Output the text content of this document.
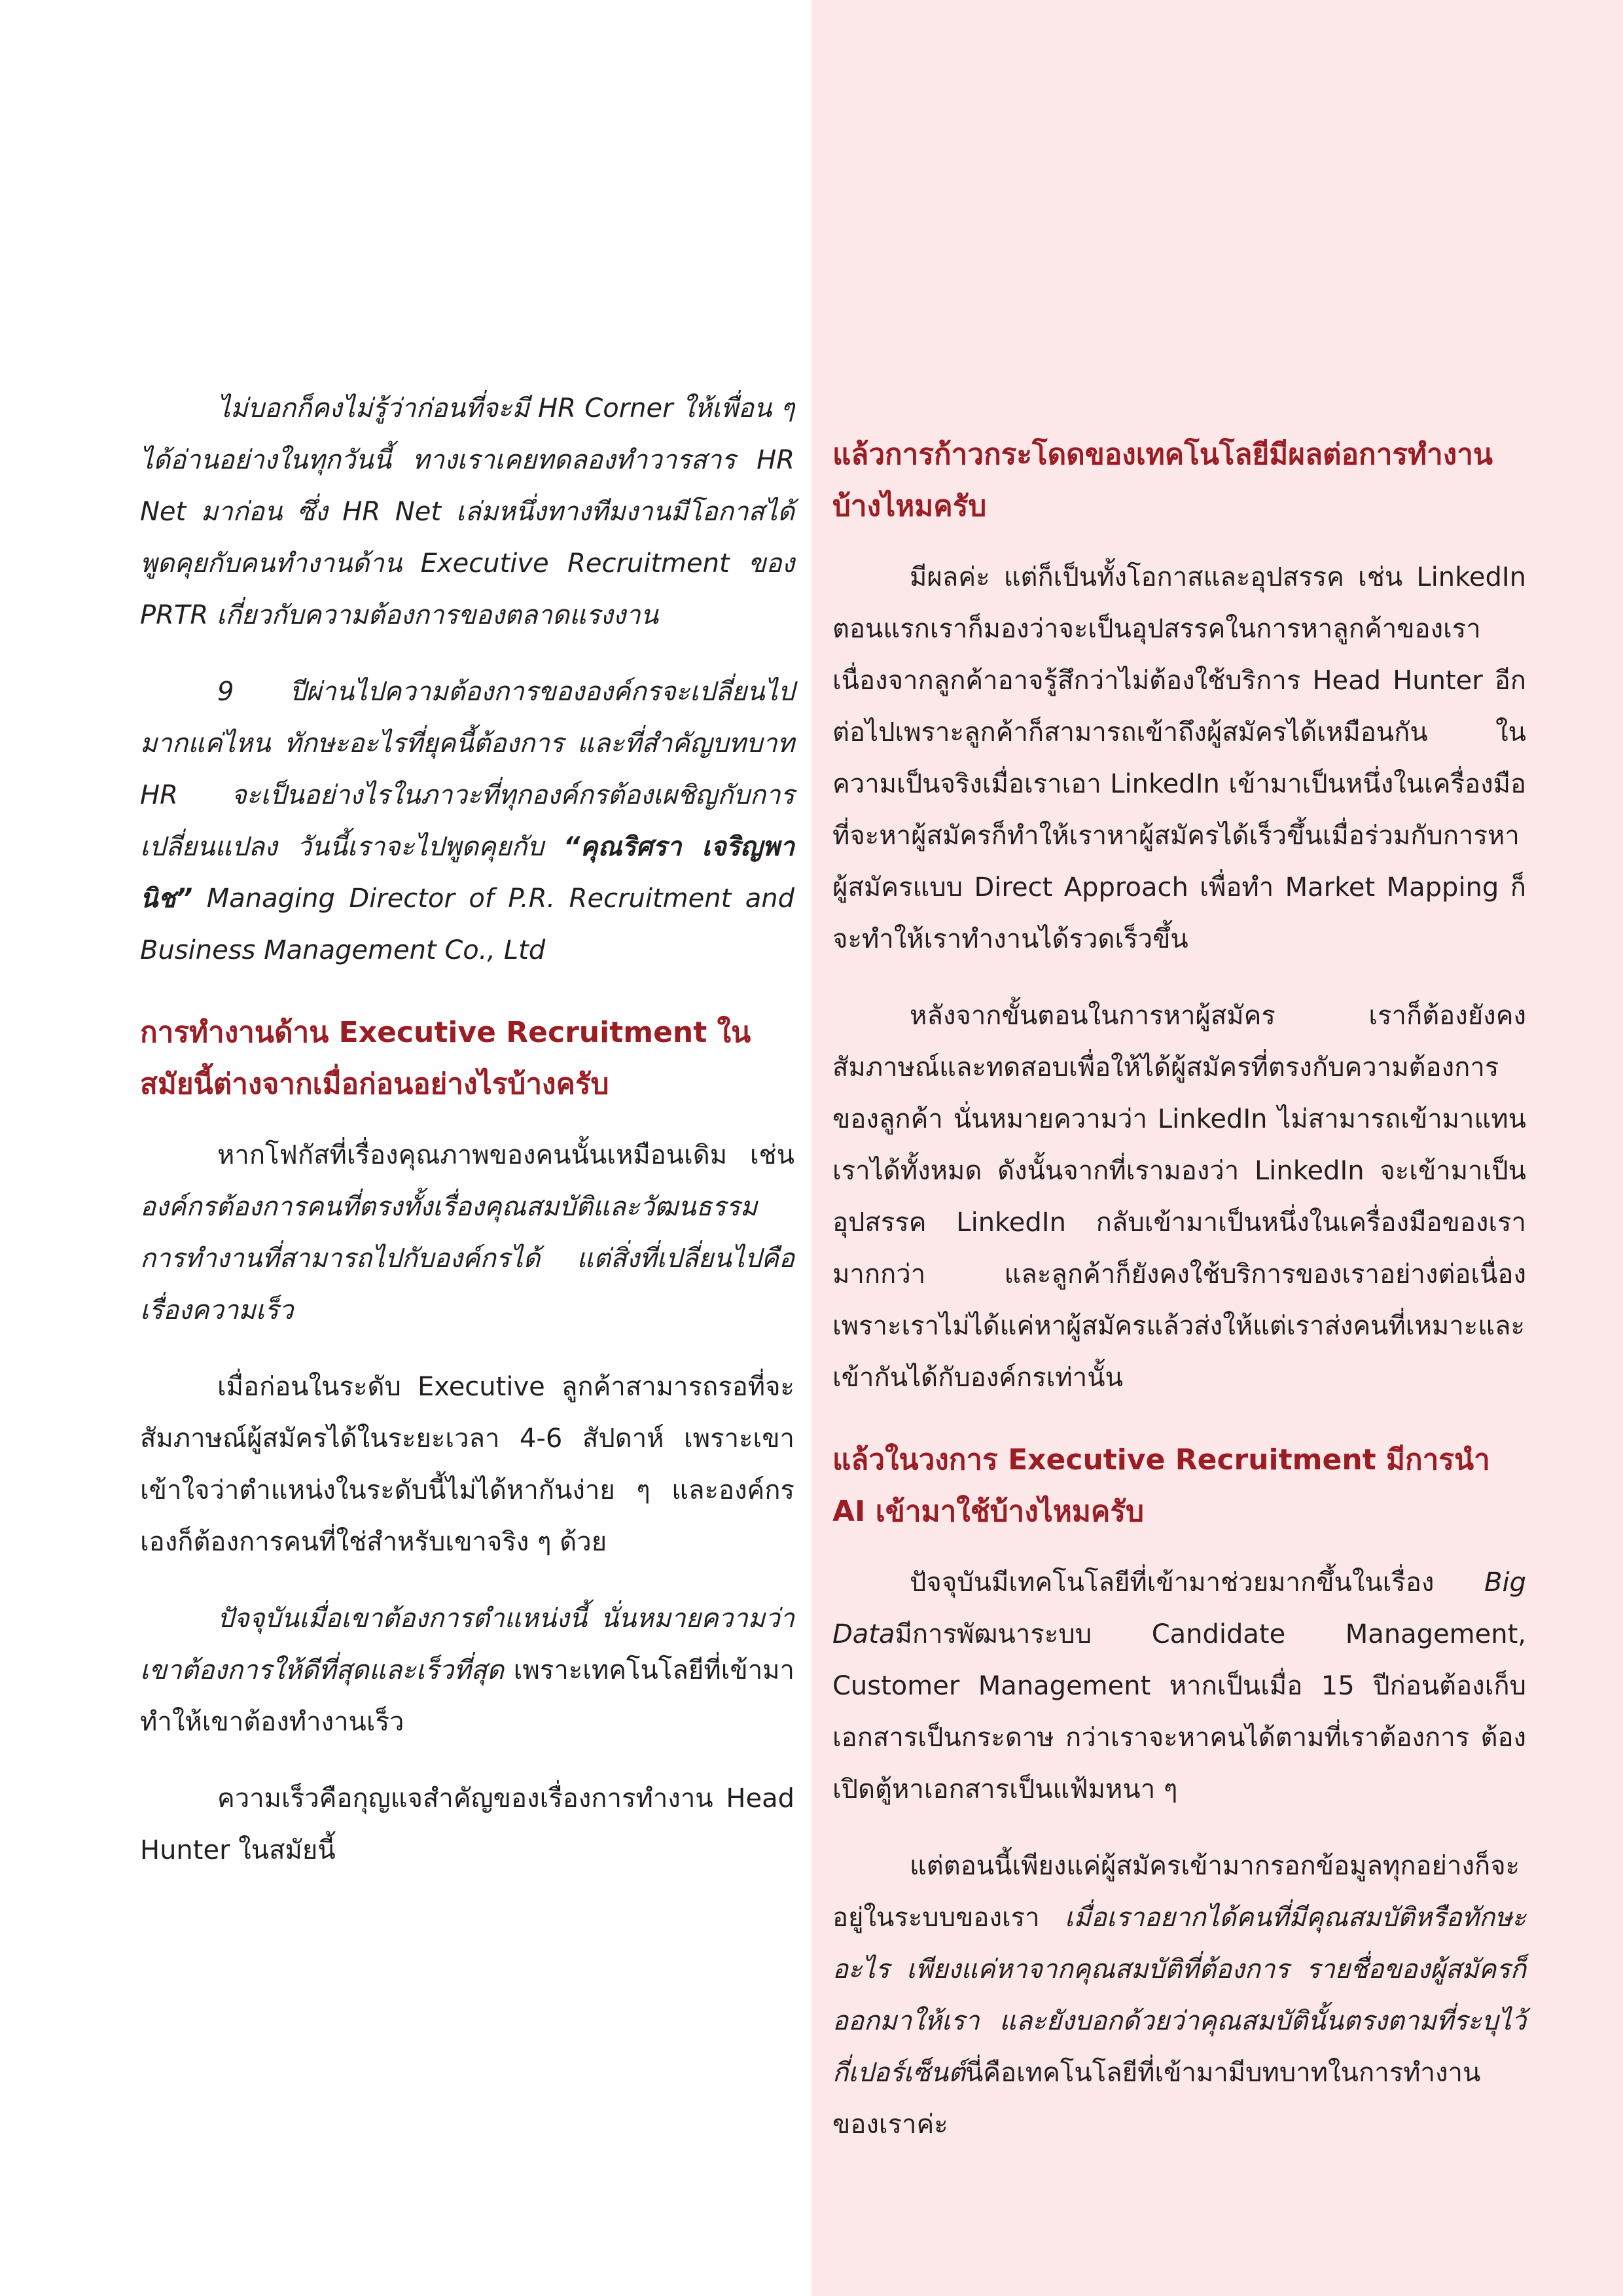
ไม่บอกก็คงไม่รู้ว่าก่อนที่จะมี HR Corner ให้เพื่อน ๆ ได้อ่านอย่างในทุกวันนี้ ทางเราเคยทดลองทำวารสาร HR Net มาก่อน ซึ่ง HR Net เล่มหนึ่งทางทีมงานมีโอกาสได้พูดคุยกับคนทำงานด้าน Executive Recruitment ของ PRTR เกี่ยวกับความต้องการของตลาดแรงงาน

9 ปีผ่านไปความต้องการขององค์กรจะเปลี่ยนไปมากแค่ไหน ทักษะอะไรที่ยุคนี้ต้องการ และที่สำคัญบทบาท HR จะเป็นอย่างไรในภาวะที่ทุกองค์กรต้องเผชิญกับการเปลี่ยนแปลง วันนี้เราจะไปพูดคุยกับ “คุณริศรา เจริญพานิช” Managing Director of P.R. Recruitment and Business Management Co., Ltd

การทำงานด้าน Executive Recruitment ในสมัยนี้ต่างจากเมื่อก่อนอย่างไรบ้างครับ

หากโฟกัสที่เรื่องคุณภาพของคนนั้นเหมือนเดิม เช่น องค์กรต้องการคนที่ตรงทั้งเรื่องคุณสมบัติและวัฒนธรรมการทำงานที่สามารถไปกับองค์กรได้ แต่สิ่งที่เปลี่ยนไปคือเรื่องความเร็ว

เมื่อก่อนในระดับ Executive ลูกค้าสามารถรอที่จะสัมภาษณ์ผู้สมัครได้ในระยะเวลา 4-6 สัปดาห์ เพราะเขาเข้าใจว่าตำแหน่งในระดับนี้ไม่ได้หากันง่าย ๆ และองค์กรเองก็ต้องการคนที่ใช่สำหรับเขาจริง ๆ ด้วย

ปัจจุบันเมื่อเขาต้องการตำแหน่งนี้ นั่นหมายความว่าเขาต้องการให้ดีที่สุดและเร็วที่สุด เพราะเทคโนโลยีที่เข้ามาทำให้เขาต้องทำงานเร็ว

ความเร็วคือกุญแจสำคัญของเรื่องการทำงาน Head Hunter ในสมัยนี้

แล้วการก้าวกระโดดของเทคโนโลยีมีผลต่อการทำงานบ้างไหมครับ

มีผลค่ะ แต่ก็เป็นทั้งโอกาสและอุปสรรค เช่น LinkedIn ตอนแรกเราก็มองว่าจะเป็นอุปสรรคในการหาลูกค้าของเรา เนื่องจากลูกค้าอาจรู้สึกว่าไม่ต้องใช้บริการ Head Hunter อีกต่อไปเพราะลูกค้าก็สามารถเข้าถึงผู้สมัครได้เหมือนกัน ในความเป็นจริงเมื่อเราเอา LinkedIn เข้ามาเป็นหนึ่งในเครื่องมือที่จะหาผู้สมัครก็ทำให้เราหาผู้สมัครได้เร็วขึ้นเมื่อร่วมกับการหาผู้สมัครแบบ Direct Approach เพื่อทำ Market Mapping ก็จะทำให้เราทำงานได้รวดเร็วขึ้น

หลังจากขั้นตอนในการหาผู้สมัคร เราก็ต้องยังคงสัมภาษณ์และทดสอบเพื่อให้ได้ผู้สมัครที่ตรงกับความต้องการของลูกค้า นั่นหมายความว่า LinkedIn ไม่สามารถเข้ามาแทนเราได้ทั้งหมด ดังนั้นจากที่เรามองว่า LinkedIn จะเข้ามาเป็นอุปสรรค LinkedIn กลับเข้ามาเป็นหนึ่งในเครื่องมือของเรามากกว่า และลูกค้าก็ยังคงใช้บริการของเราอย่างต่อเนื่อง เพราะเราไม่ได้แค่หาผู้สมัครแล้วส่งให้แต่เราส่งคนที่เหมาะและเข้ากันได้กับองค์กรเท่านั้น

แล้วในวงการ Executive Recruitment มีการนำ AI เข้ามาใช้บ้างไหมครับ

ปัจจุบันมีเทคโนโลยีที่เข้ามาช่วยมากขึ้นในเรื่อง Big Dataมีการพัฒนาระบบ Candidate Management, Customer Management หากเป็นเมื่อ 15 ปีก่อนต้องเก็บเอกสารเป็นกระดาษ กว่าเราจะหาคนได้ตามที่เราต้องการ ต้องเปิดตู้หาเอกสารเป็นแฟ้มหนา ๆ

แต่ตอนนี้เพียงแค่ผู้สมัครเข้ามากรอกข้อมูลทุกอย่างก็จะอยู่ในระบบของเรา เมื่อเราอยากได้คนที่มีคุณสมบัติหรือทักษะอะไร เพียงแค่หาจากคุณสมบัติที่ต้องการ รายชื่อของผู้สมัครก็ออกมาให้เรา และยังบอกด้วยว่าคุณสมบัตินั้นตรงตามที่ระบุไว้กี่เปอร์เซ็นต์นี่คือเทคโนโลยีที่เข้ามามีบทบาทในการทำงานของเราค่ะ
